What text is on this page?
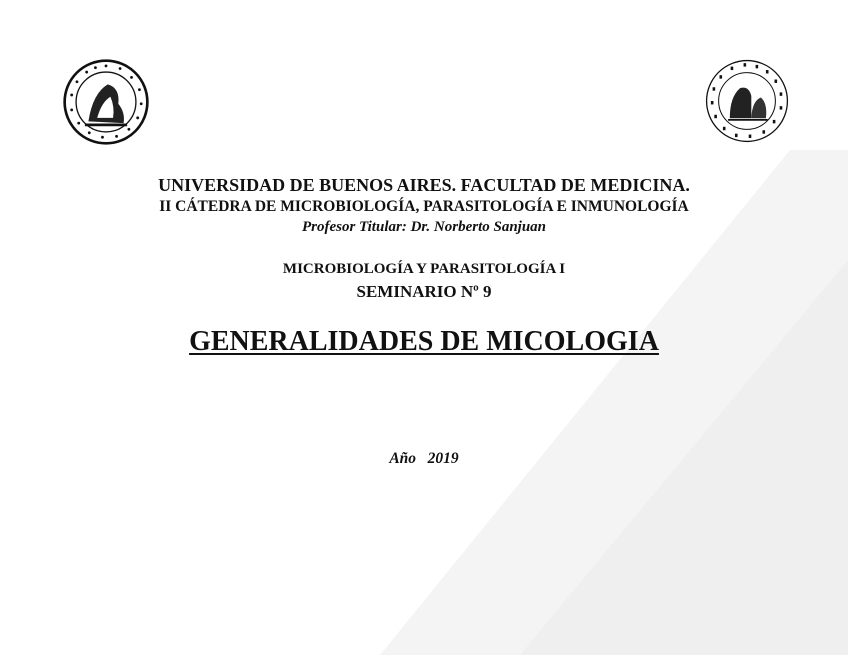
UNIVERSIDAD DE BUENOS AIRES. FACULTAD DE MEDICINA.
II CÁTEDRA DE MICROBIOLOGÍA, PARASITOLOGÍA E INMUNOLOGÍA
Profesor Titular: Dr. Norberto Sanjuan
MICROBIOLOGÍA Y PARASITOLOGÍA I
SEMINARIO Nº 9
GENERALIDADES DE MICOLOGIA
Año   2019
